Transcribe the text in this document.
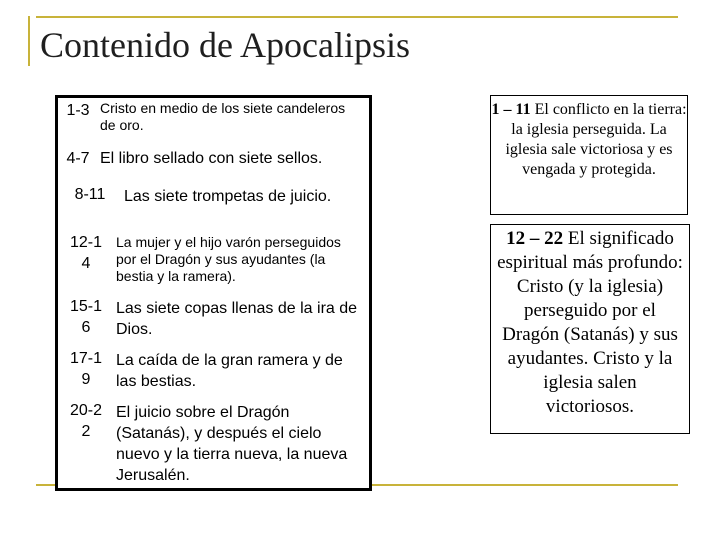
Contenido de Apocalipsis
1-3 Cristo en medio de los siete candeleros de oro.
4-7 El libro sellado con siete sellos.
8-11	Las siete trompetas de juicio.
12-14
La mujer y el hijo varón perseguidos por el Dragón y sus ayudantes (la bestia y la ramera).
15-16
Las siete copas llenas de la ira de Dios.
17-19
La caída de la gran ramera y de las bestias.
20-22
El juicio sobre el Dragón (Satanás), y después el cielo nuevo y la tierra nueva, la nueva Jerusalén.
1 – 11 El conflicto en la tierra: la iglesia perseguida. La iglesia sale victoriosa y es vengada y protegida.
12 – 22 El significado espiritual más profundo: Cristo (y la iglesia) perseguido por el Dragón (Satanás) y sus ayudantes. Cristo y la iglesia salen victoriosos.
